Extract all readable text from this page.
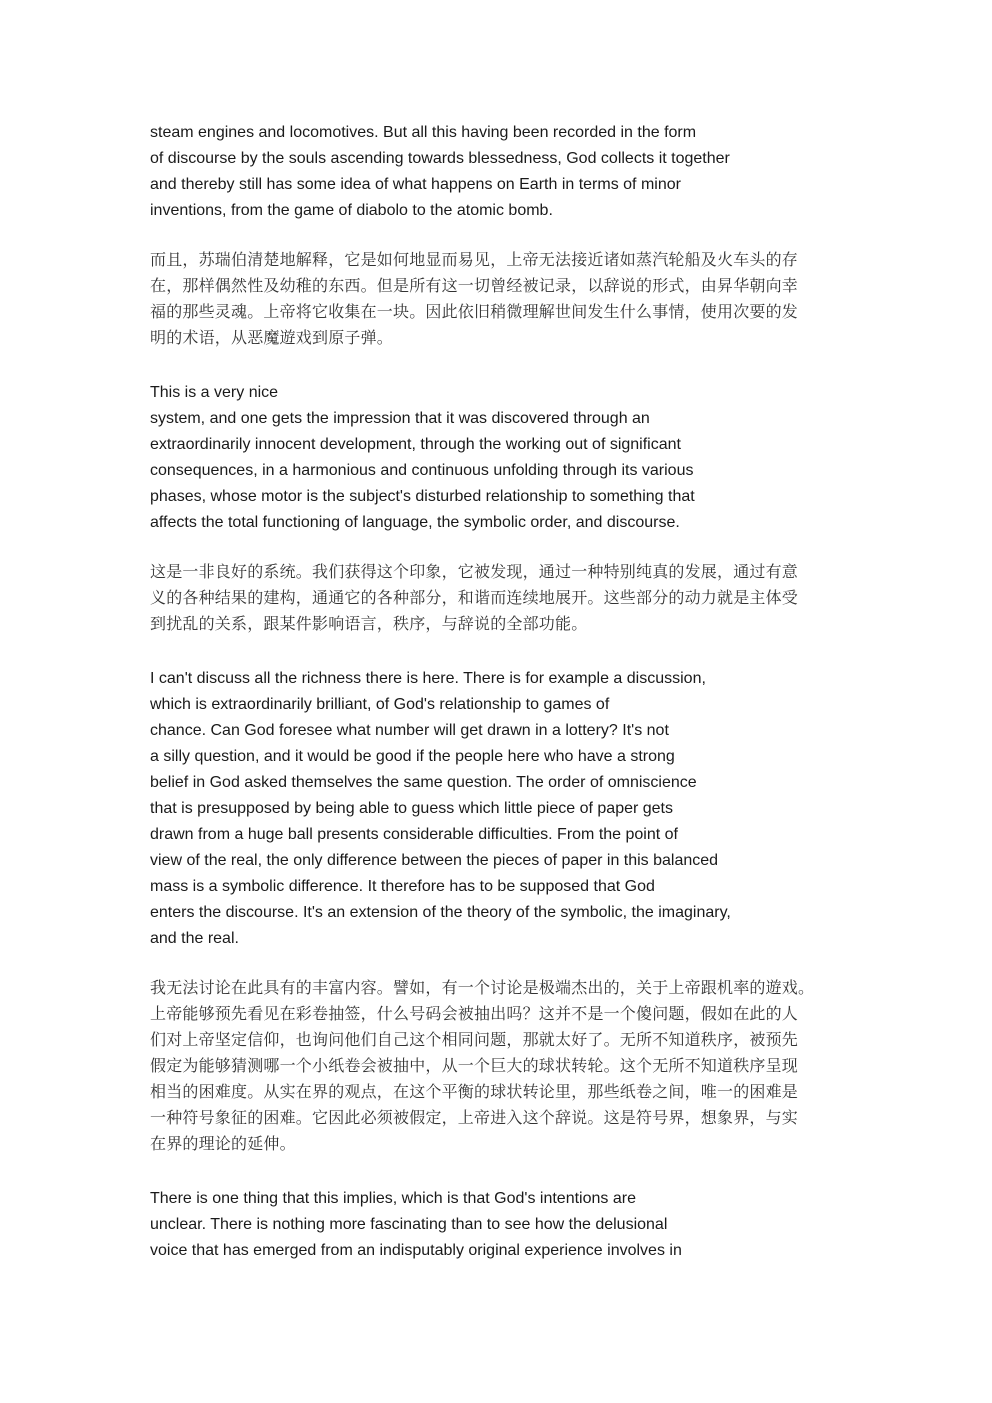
steam engines and locomotives. But all this having been recorded in the form
of discourse by the souls ascending towards blessedness, God collects it together
and thereby still has some idea of what happens on Earth in terms of minor
inventions, from the game of diabolo to the atomic bomb.
而且，苏瑞伯清楚地解释，它是如何地显而易见，上帝无法接近诸如蒸汽轮船及火车头的存
在，那样偶然性及幼稚的东西。但是所有这一切曾经被记录，以辞说的形式，由昇华朝向幸
福的那些灵魂。上帝将它收集在一块。因此依旧稍微理解世间发生什么事情，使用次要的发
明的术语，从恶魔遊戏到原子弹。
This is a very nice
system, and one gets the impression that it was discovered through an
extraordinarily innocent development, through the working out of significant
consequences, in a harmonious and continuous unfolding through its various
phases, whose motor is the subject's disturbed relationship to something that
affects the total functioning of language, the symbolic order, and discourse.
这是一非良好的系统。我们获得这个印象，它被发现，通过一种特别纯真的发展，通过有意
义的各种结果的建构，通通它的各种部分，和谐而连续地展开。这些部分的动力就是主体受
到扰乱的关系，跟某件影响语言，秩序，与辞说的全部功能。
I can't discuss all the richness there is here. There is for example a discussion,
which is extraordinarily brilliant, of God's relationship to games of
chance. Can God foresee what number will get drawn in a lottery? It's not
a silly question, and it would be good if the people here who have a strong
belief in God asked themselves the same question. The order of omniscience
that is presupposed by being able to guess which little piece of paper gets
drawn from a huge ball presents considerable difficulties. From the point of
view of the real, the only difference between the pieces of paper in this balanced
mass is a symbolic difference. It therefore has to be supposed that God
enters the discourse. It's an extension of the theory of the symbolic, the imaginary,
and the real.
我无法讨论在此具有的丰富内容。譬如，有一个讨论是极端杰出的，关于上帝跟机率的遊戏。
上帝能够预先看见在彩卷抽签，什么号码会被抽出吗？这并不是一个傻问题，假如在此的人
们对上帝坚定信仰，也询问他们自己这个相同问题，那就太好了。无所不知道秩序，被预先
假定为能够猜测哪一个小纸卷会被抽中，从一个巨大的球状转轮。这个无所不知道秩序呈现
相当的困难度。从实在界的观点，在这个平衡的球状转论里，那些纸卷之间，唯一的困难是
一种符号象征的困难。它因此必须被假定，上帝进入这个辞说。这是符号界，想象界，与实
在界的理论的延伸。
There is one thing that this implies, which is that God's intentions are
unclear. There is nothing more fascinating than to see how the delusional
voice that has emerged from an indisputably original experience involves in
